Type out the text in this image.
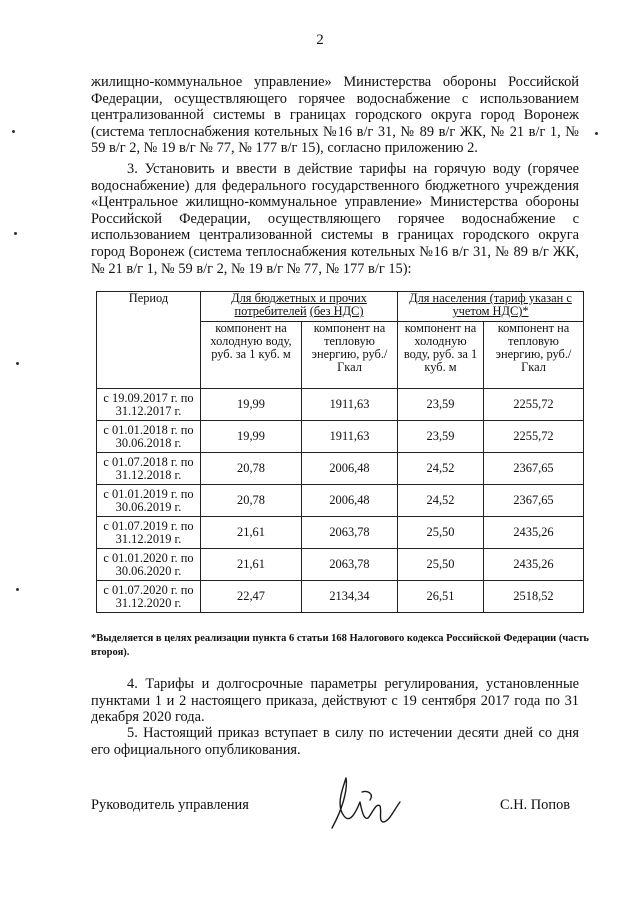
2

жилищно-коммунальное управление» Министерства обороны Российской Федерации, осуществляющего горячее водоснабжение с использованием централизованной системы в границах городского округа город Воронеж (система теплоснабжения котельных №16 в/г 31, № 89 в/г ЖК, № 21 в/г 1, № 59 в/г 2, № 19 в/г № 77, № 177 в/г 15), согласно приложению 2.

3. Установить и ввести в действие тарифы на горячую воду (горячее водоснабжение) для федерального государственного бюджетного учреждения «Центральное жилищно-коммунальное управление» Министерства обороны Российской Федерации, осуществляющего горячее водоснабжение с использованием централизованной системы в границах городского округа город Воронеж (система теплоснабжения котельных №16 в/г 31, № 89 в/г ЖК, № 21 в/г 1, № 59 в/г 2, № 19 в/г № 77, № 177 в/г 15):

Период	Для бюджетных и прочих потребителей (без НДС)		Для населения (тариф указан с учетом НДС)*	
	компонент на холодную воду, руб. за 1 куб. м	компонент на тепловую энергию, руб./Гкал	компонент на холодную воду, руб. за 1 куб. м	компонент на тепловую энергию, руб./Гкал
с 19.09.2017 г. по 31.12.2017 г.	19,99	1911,63	23,59	2255,72
с 01.01.2018 г. по 30.06.2018 г.	19,99	1911,63	23,59	2255,72
с 01.07.2018 г. по 31.12.2018 г.	20,78	2006,48	24,52	2367,65
с 01.01.2019 г. по 30.06.2019 г.	20,78	2006,48	24,52	2367,65
с 01.07.2019 г. по 31.12.2019 г.	21,61	2063,78	25,50	2435,26
с 01.01.2020 г. по 30.06.2020 г.	21,61	2063,78	25,50	2435,26
с 01.07.2020 г. по 31.12.2020 г.	22,47	2134,34	26,51	2518,52

*Выделяется в целях реализации пункта 6 статьи 168 Налогового кодекса Российской Федерации (часть второя).

4. Тарифы и долгосрочные параметры регулирования, установленные пунктами 1 и 2 настоящего приказа, действуют с 19 сентября 2017 года по 31 декабря 2020 года.

5. Настоящий приказ вступает в силу по истечении десяти дней со дня его официального опубликования.

Руководитель управления	С.Н. Попов
